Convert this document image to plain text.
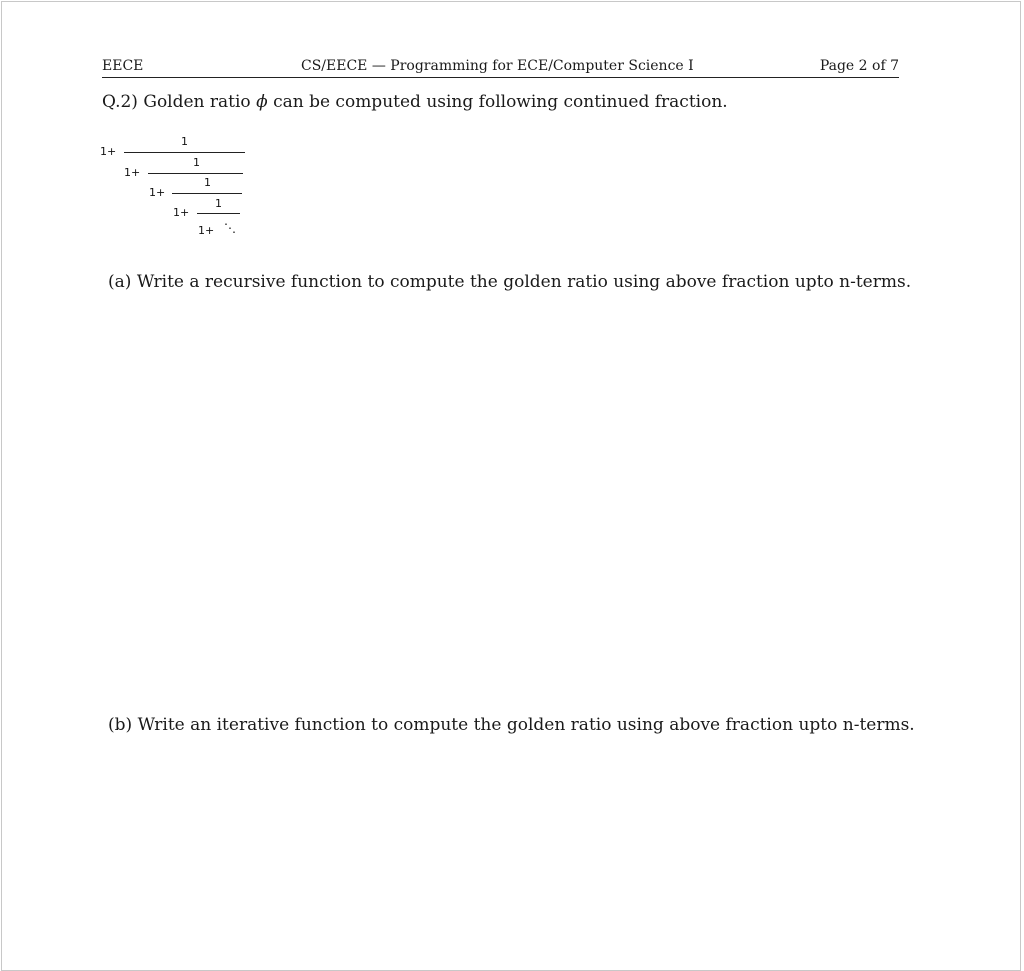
EECE	CS/EECE — Programming for ECE/Computer Science I	Page 2 of 7
Q.2) Golden ratio ϕ can be computed using following continued fraction.
1+
1
1+
1
1+
1
1+
1
1+ ⋱
(a) Write a recursive function to compute the golden ratio using above fraction upto n-terms.
(b) Write an iterative function to compute the golden ratio using above fraction upto n-terms.
